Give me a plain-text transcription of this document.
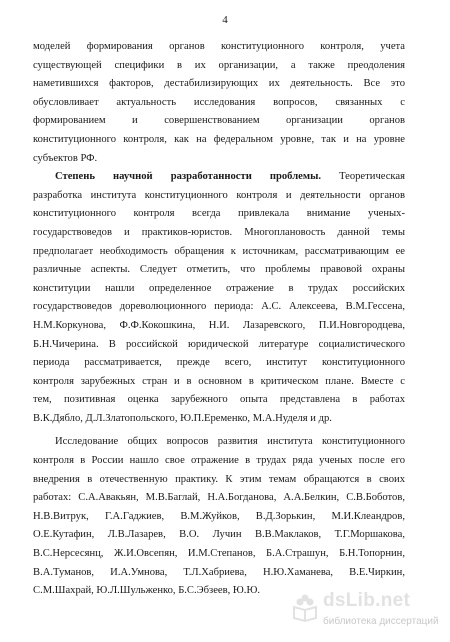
4
моделей формирования органов конституционного контроля, учета
существующей специфики в их организации, а также преодоления
наметившихся факторов, дестабилизирующих их деятельность. Все это
обусловливает актуальность исследования вопросов, связанных с
формированием и совершенствованием организации органов
конституционного контроля, как на федеральном уровне, так и на уровне
субъектов РФ.
Степень научной разработанности проблемы. Теоретическая
разработка института конституционного контроля и деятельности органов
конституционного контроля всегда привлекала внимание ученых-
государствоведов и практиков-юристов. Многоплановость данной темы
предполагает необходимость обращения к источникам, рассматривающим ее
различные аспекты. Следует отметить, что проблемы правовой охраны
конституции нашли определенное отражение в трудах российских
государствоведов дореволюционного периода: А.С. Алексеева, В.М.Гессена,
Н.М.Коркунова, Ф.Ф.Кокошкина, Н.И. Лазаревского, П.И.Новгородцева,
Б.Н.Чичерина. В российской юридической литературе социалистического
периода рассматривается, прежде всего, институт конституционного
контроля зарубежных стран и в основном в критическом плане. Вместе с
тем, позитивная оценка зарубежного опыта представлена в работах
В.К.Дябло, Д.Л.Златопольского, Ю.П.Еременко, М.А.Нуделя и др.
Исследование общих вопросов развития института конституционного
контроля в России нашло свое отражение в трудах ряда ученых после его
внедрения в отечественную практику. К этим темам обращаются в своих
работах: С.А.Авакьян, М.В.Баглай, Н.А.Богданова, А.А.Белкин, С.В.Боботов,
Н.В.Витрук, Г.А.Гаджиев, В.М.Жуйков, В.Д.Зорькин, М.И.Клеандров,
О.Е.Кутафин, Л.В.Лазарев, В.О. Лучин В.В.Маклаков, Т.Г.Моршакова,
В.С.Нерсесянц, Ж.И.Овсепян, И.М.Степанов, Б.А.Страшун, Б.Н.Топорнин,
В.А.Туманов, И.А.Умнова, Т.Л.Хабриева, Н.Ю.Хаманева, В.Е.Чиркин,
С.М.Шахрай, Ю.Л.Шульженко, Б.С.Эбзеев, Ю.Ю.	dsLib.net
библиотека диссертаций
